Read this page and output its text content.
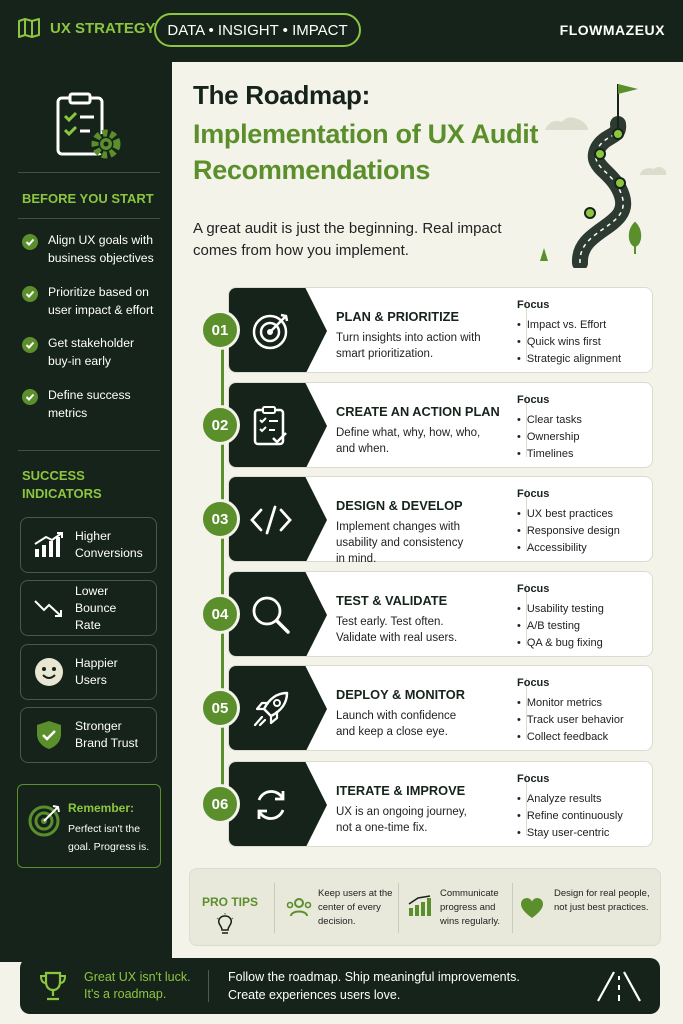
UX STRATEGY DATA • INSIGHT • IMPACT	FLOWMAZEUX
BEFORE YOU START
Align UX goals with business objectives
Prioritize based on user impact & effort
Get stakeholder buy-in early
Define success metrics
SUCCESS INDICATORS
Higher Conversions
Lower Bounce Rate
Happier Users
Stronger Brand Trust
Remember:
Perfect isn't the goal. Progress is.
The Roadmap:
Implementation of UX Audit Recommendations
A great audit is just the beginning. Real impact comes from how you implement.
01
PLAN & PRIORITIZE
Turn insights into action with smart prioritization.
Focus
• Impact vs. Effort
• Quick wins first
• Strategic alignment
02
CREATE AN ACTION PLAN
Define what, why, how, who, and when.
Focus
• Clear tasks
• Ownership
• Timelines
03
DESIGN & DEVELOP
Implement changes with usability and consistency in mind.
Focus
• UX best practices
• Responsive design
• Accessibility
04
TEST & VALIDATE
Test early. Test often. Validate with real users.
Focus
• Usability testing
• A/B testing
• QA & bug fixing
05
DEPLOY & MONITOR
Launch with confidence and keep a close eye.
Focus
• Monitor metrics
• Track user behavior
• Collect feedback
06
ITERATE & IMPROVE
UX is an ongoing journey, not a one-time fix.
Focus
• Analyze results
• Refine continuously
• Stay user-centric
PRO TIPS
Keep users at the center of every decision.
Communicate progress and wins regularly.
Design for real people, not just best practices.
Great UX isn't luck. It's a roadmap.
Follow the roadmap. Ship meaningful improvements. Create experiences users love.
